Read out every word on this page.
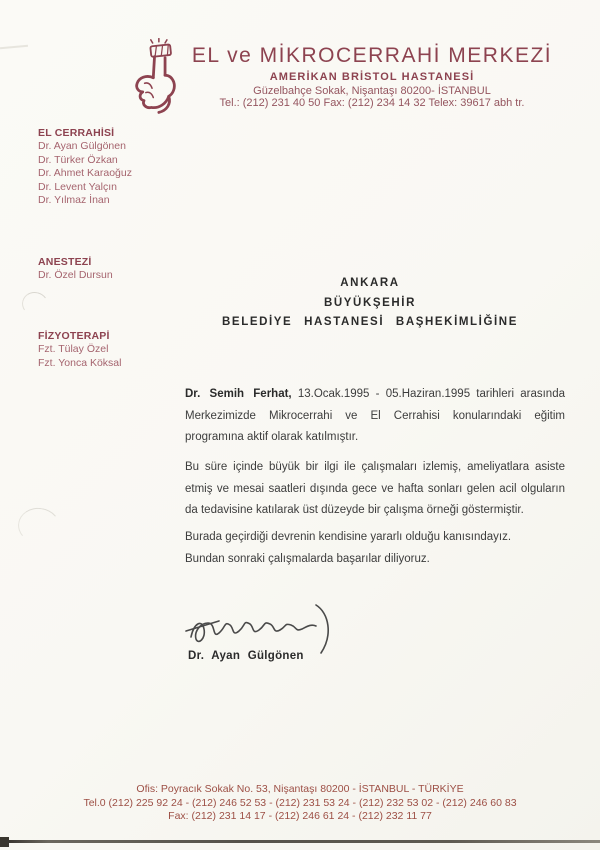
EL ve MİKROCERRAHİ MERKEZİ
AMERİKAN BRİSTOL HASTANESİ
Güzelbahçe Sokak, Nişantaşı 80200- İSTANBUL
Tel.: (212) 231 40 50 Fax: (212) 234 14 32 Telex: 39617 abh tr.
EL CERRAHİSİ
Dr. Ayan Gülgönen
Dr. Türker Özkan
Dr. Ahmet Karaoğuz
Dr. Levent Yalçın
Dr. Yılmaz İnan
ANESTEZİ
Dr. Özel Dursun
FİZYOTERAPİ
Fzt. Tülay Özel
Fzt. Yonca Köksal
ANKARA
BÜYÜKŞEHİR
BELEDİYE HASTANESİ BAŞHEKİMLİĞİNE
Dr. Semih Ferhat, 13.Ocak.1995 - 05.Haziran.1995 tarihleri arasında Merkezimizde Mikrocerrahi ve El Cerrahisi konularındaki eğitim programına aktif olarak katılmıştır.
Bu süre içinde büyük bir ilgi ile çalışmaları izlemiş, ameliyatlara asiste etmiş ve mesai saatleri dışında gece ve hafta sonları gelen acil olguların da tedavisine katılarak üst düzeyde bir çalışma örneği göstermiştir.
Burada geçirdiği devrenin kendisine yararlı olduğu kanısındayız.
Bundan sonraki çalışmalarda başarılar diliyoruz.
Dr. Ayan Gülgönen
Ofis: Poyracık Sokak No. 53, Nişantaşı 80200 - İSTANBUL - TÜRKİYE
Tel.0 (212) 225 92 24 - (212) 246 52 53 - (212) 231 53 24 - (212) 232 53 02 - (212) 246 60 83
Fax: (212) 231 14 17 - (212) 246 61 24 - (212) 232 11 77
